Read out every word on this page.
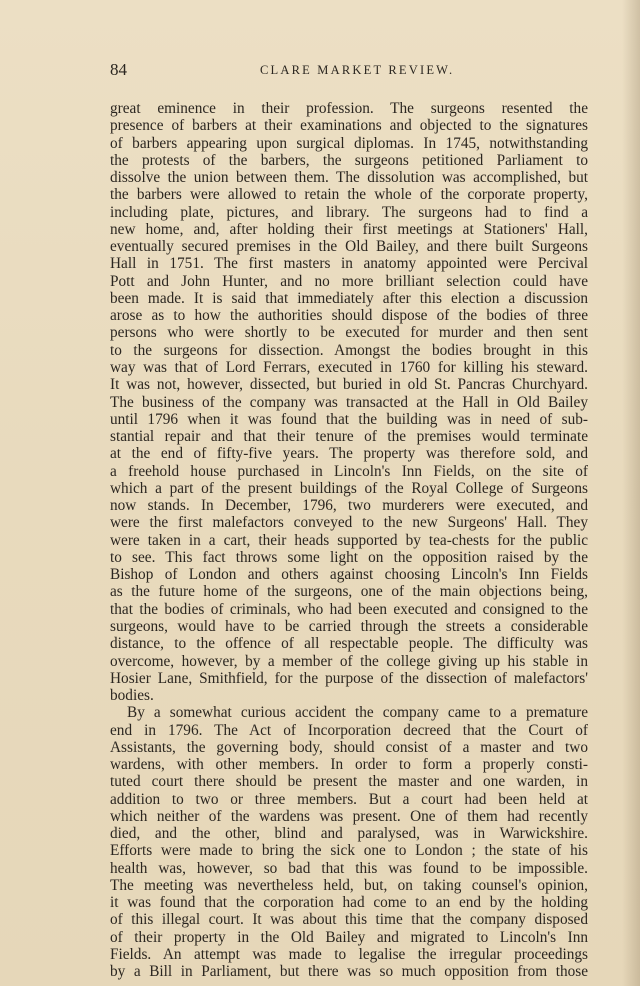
84	CLARE MARKET REVIEW.
great eminence in their profession. The surgeons resented the
presence of barbers at their examinations and objected to the signatures
of barbers appearing upon surgical diplomas. In 1745, notwithstanding
the protests of the barbers, the surgeons petitioned Parliament to
dissolve the union between them. The dissolution was accomplished, but
the barbers were allowed to retain the whole of the corporate property,
including plate, pictures, and library. The surgeons had to find a
new home, and, after holding their first meetings at Stationers' Hall,
eventually secured premises in the Old Bailey, and there built Surgeons
Hall in 1751. The first masters in anatomy appointed were Percival
Pott and John Hunter, and no more brilliant selection could have
been made. It is said that immediately after this election a discussion
arose as to how the authorities should dispose of the bodies of three
persons who were shortly to be executed for murder and then sent
to the surgeons for dissection. Amongst the bodies brought in this
way was that of Lord Ferrars, executed in 1760 for killing his steward.
It was not, however, dissected, but buried in old St. Pancras Churchyard.
The business of the company was transacted at the Hall in Old Bailey
until 1796 when it was found that the building was in need of sub-
stantial repair and that their tenure of the premises would terminate
at the end of fifty-five years. The property was therefore sold, and
a freehold house purchased in Lincoln's Inn Fields, on the site of
which a part of the present buildings of the Royal College of Surgeons
now stands. In December, 1796, two murderers were executed, and
were the first malefactors conveyed to the new Surgeons' Hall. They
were taken in a cart, their heads supported by tea-chests for the public
to see. This fact throws some light on the opposition raised by the
Bishop of London and others against choosing Lincoln's Inn Fields
as the future home of the surgeons, one of the main objections being,
that the bodies of criminals, who had been executed and consigned to the
surgeons, would have to be carried through the streets a considerable
distance, to the offence of all respectable people. The difficulty was
overcome, however, by a member of the college giving up his stable in
Hosier Lane, Smithfield, for the purpose of the dissection of malefactors'
bodies.
By a somewhat curious accident the company came to a premature
end in 1796. The Act of Incorporation decreed that the Court of
Assistants, the governing body, should consist of a master and two
wardens, with other members. In order to form a properly consti-
tuted court there should be present the master and one warden, in
addition to two or three members. But a court had been held at
which neither of the wardens was present. One of them had recently
died, and the other, blind and paralysed, was in Warwickshire.
Efforts were made to bring the sick one to London ; the state of his
health was, however, so bad that this was found to be impossible.
The meeting was nevertheless held, but, on taking counsel's opinion,
it was found that the corporation had come to an end by the holding
of this illegal court. It was about this time that the company disposed
of their property in the Old Bailey and migrated to Lincoln's Inn
Fields. An attempt was made to legalise the irregular proceedings
by a Bill in Parliament, but there was so much opposition from those
